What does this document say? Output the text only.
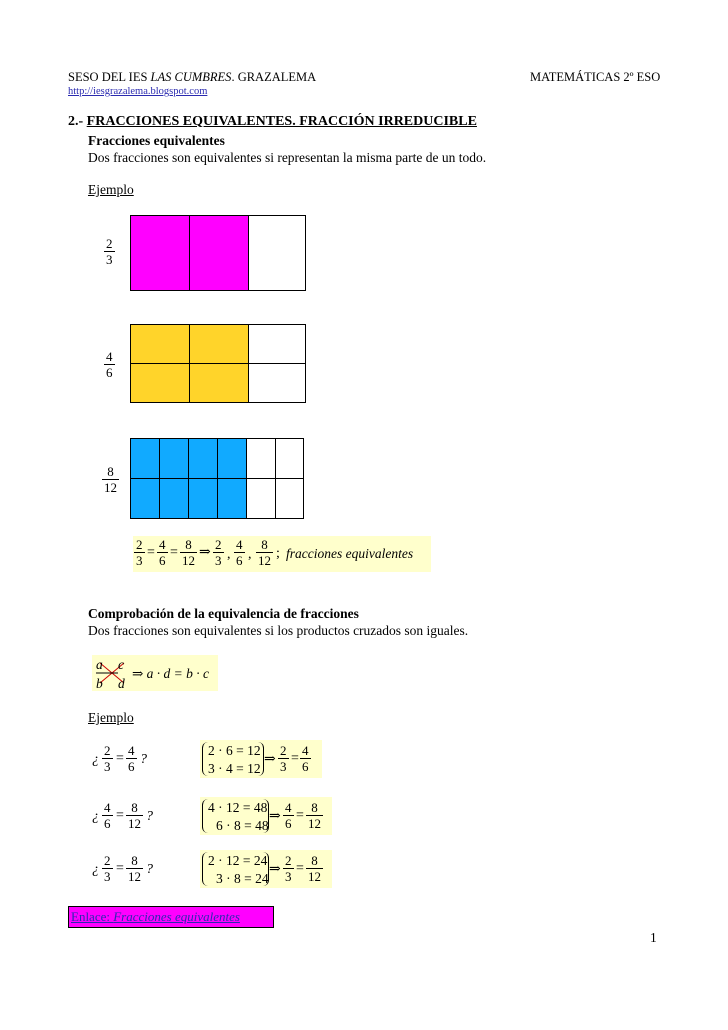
SESO DEL IES LAS CUMBRES. GRAZALEMA	MATEMÁTICAS 2º ESO
http://iesgrazalema.blogspot.com
2.- FRACCIONES EQUIVALENTES. FRACCIÓN IRREDUCIBLE
Fracciones equivalentes
Dos fracciones son equivalentes si representan la misma parte de un todo.
Ejemplo
$\frac{2}{3}$

$\frac{4}{6}$

$\frac{8}{12}$

$\frac{2}{3} = \frac{4}{6} = \frac{8}{12}$ ⇒ $\frac{2}{3}$ , $\frac{4}{6}$ , $\frac{8}{12}$ ; fracciones equivalentes
Comprobación de la equivalencia de fracciones
Dos fracciones son equivalentes si los productos cruzados son iguales.
a
b
c
d
⇒ a · d = b · c
Ejemplo
¿ $\frac{2}{3} = \frac{4}{6}$ ?
2 · 6 = 12
3 · 4 = 12
⇒ $\frac{2}{3} = \frac{4}{6}$
¿ $\frac{4}{6} = \frac{8}{12}$ ?
4 · 12 = 48
6 · 8 = 48
⇒ $\frac{4}{6} = \frac{8}{12}$
¿ $\frac{2}{3} = \frac{8}{12}$ ?
2 · 12 = 24
3 · 8 = 24
⇒ $\frac{2}{3} = \frac{8}{12}$
Enlace: Fracciones equivalentes
1
